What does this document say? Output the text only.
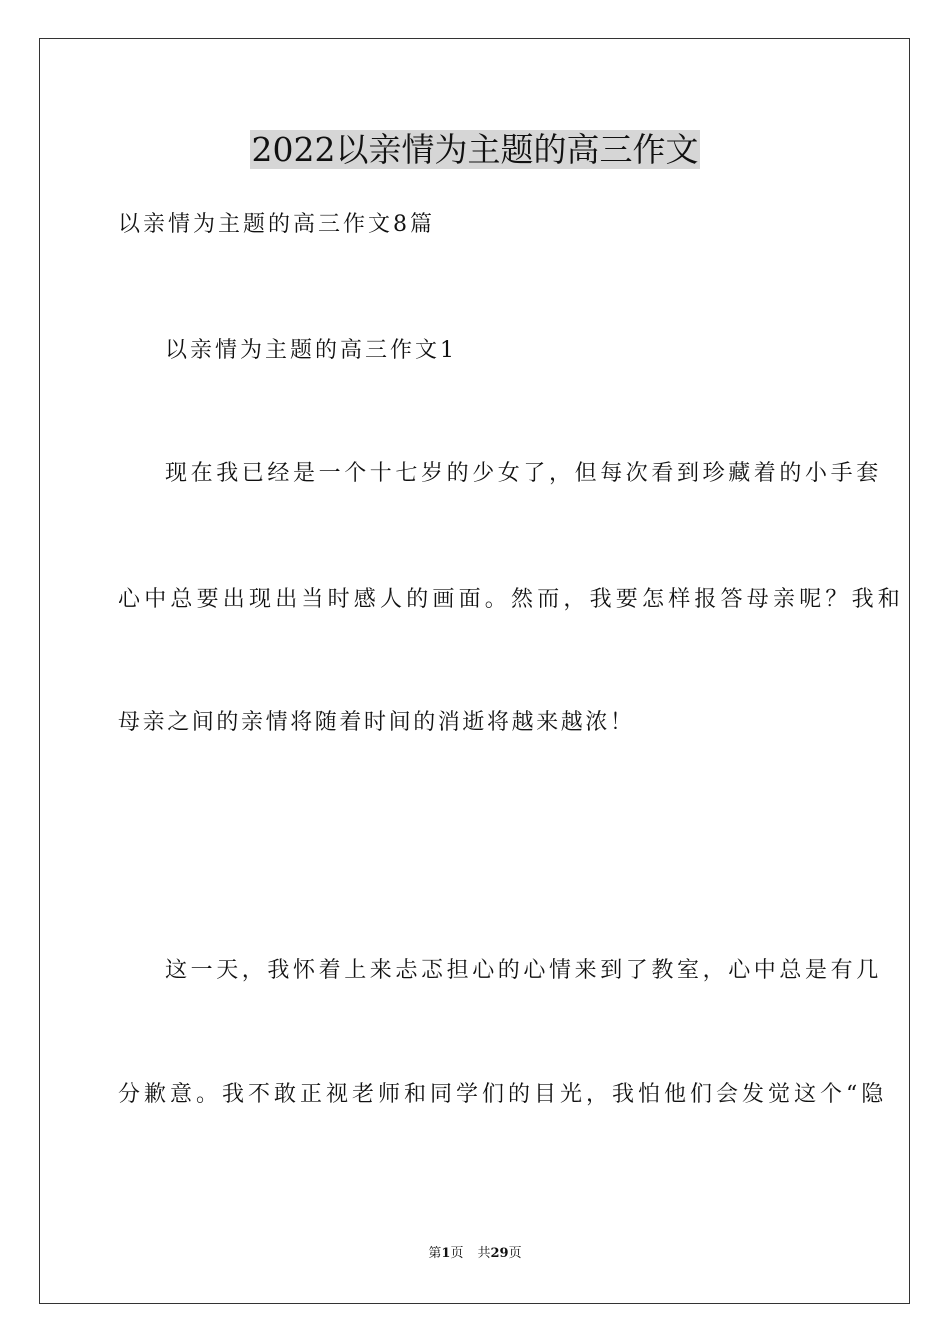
2022以亲情为主题的高三作文

以亲情为主题的高三作文8篇

以亲情为主题的高三作文1

现在我已经是一个十七岁的少女了，但每次看到珍藏着的小手套

心中总要出现出当时感人的画面。然而，我要怎样报答母亲呢？我和

母亲之间的亲情将随着时间的消逝将越来越浓！

这一天，我怀着上来忐忑担心的心情来到了教室，心中总是有几

分歉意。我不敢正视老师和同学们的目光，我怕他们会发觉这个“隐

第1页 共29页
